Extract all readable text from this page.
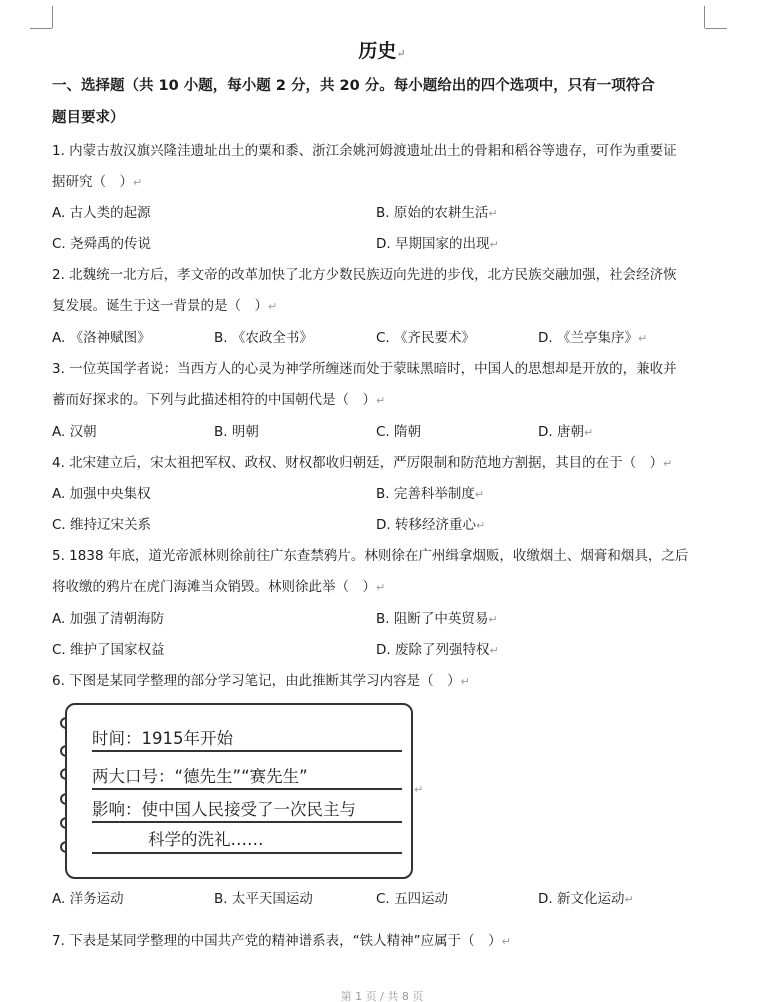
历史↵
一、选择题（共 10 小题，每小题 2 分，共 20 分。每小题给出的四个选项中，只有一项符合
题目要求）
1. 内蒙古敖汉旗兴隆洼遗址出土的粟和黍、浙江余姚河姆渡遗址出土的骨耜和稻谷等遗存，可作为重要证
据研究（　）↵
A. 古人类的起源	B. 原始的农耕生活↵
C. 尧舜禹的传说	D. 早期国家的出现↵
2. 北魏统一北方后，孝文帝的改革加快了北方少数民族迈向先进的步伐，北方民族交融加强，社会经济恢
复发展。诞生于这一背景的是（　）↵
A. 《洛神赋图》	B. 《农政全书》	C. 《齐民要术》	D. 《兰亭集序》↵
3. 一位英国学者说：当西方人的心灵为神学所缠迷而处于蒙昧黑暗时，中国人的思想却是开放的，兼收并
蓄而好探求的。下列与此描述相符的中国朝代是（　）↵
A. 汉朝	B. 明朝	C. 隋朝	D. 唐朝↵
4. 北宋建立后，宋太祖把军权、政权、财权都收归朝廷，严厉限制和防范地方割据，其目的在于（　）↵
A. 加强中央集权	B. 完善科举制度↵
C. 维持辽宋关系	D. 转移经济重心↵
5. 1838 年底，道光帝派林则徐前往广东查禁鸦片。林则徐在广州缉拿烟贩，收缴烟土、烟膏和烟具，之后
将收缴的鸦片在虎门海滩当众销毁。林则徐此举（　）↵
A. 加强了清朝海防	B. 阻断了中英贸易↵
C. 维护了国家权益	D. 废除了列强特权↵
6. 下图是某同学整理的部分学习笔记，由此推断其学习内容是（　）↵
时间：1915年开始
两大口号：“德先生”“赛先生”
影响：使中国人民接受了一次民主与
科学的洗礼……
↵
A. 洋务运动	B. 太平天国运动	C. 五四运动	D. 新文化运动↵
7. 下表是某同学整理的中国共产党的精神谱系表，“铁人精神”应属于（　）↵
第 1 页 / 共 8 页
